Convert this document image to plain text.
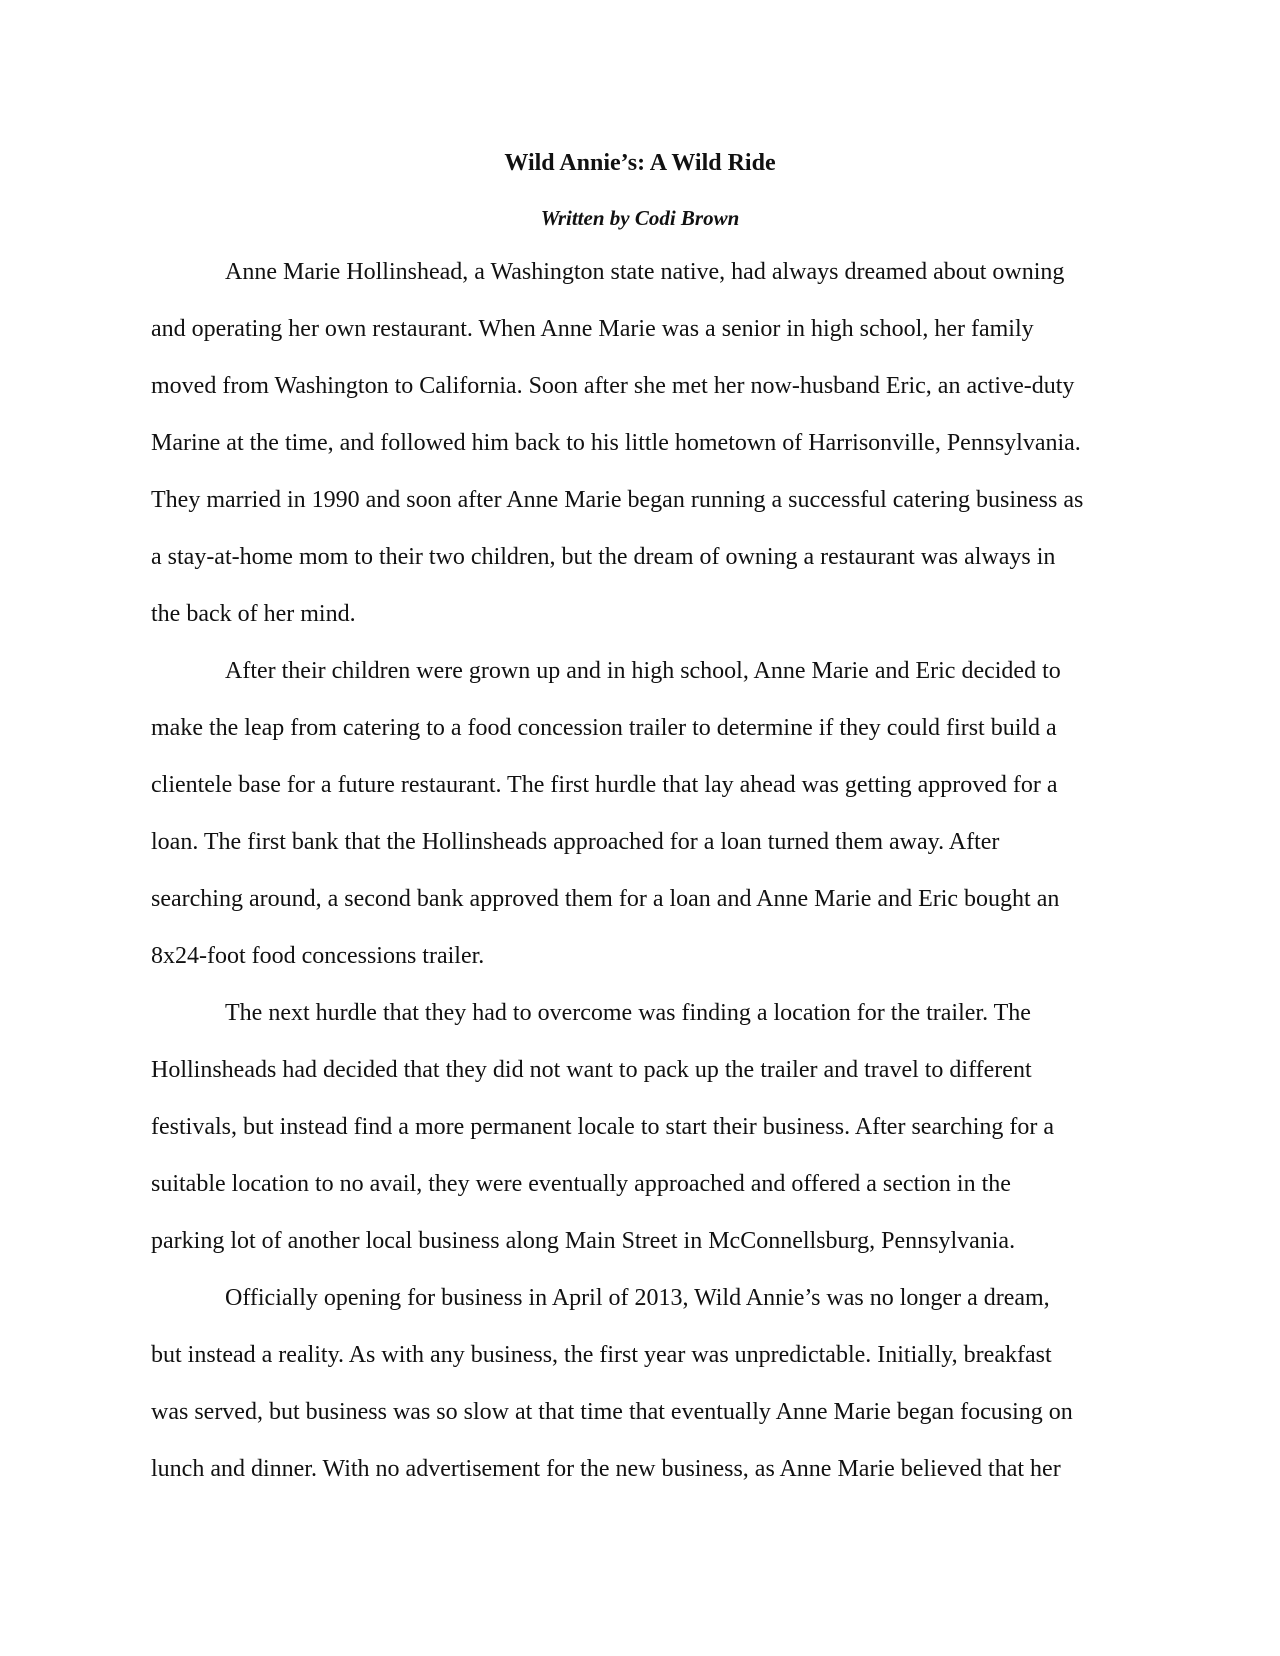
Wild Annie’s: A Wild Ride

Written by Codi Brown

Anne Marie Hollinshead, a Washington state native, had always dreamed about owning

and operating her own restaurant. When Anne Marie was a senior in high school, her family

moved from Washington to California. Soon after she met her now-husband Eric, an active-duty

Marine at the time, and followed him back to his little hometown of Harrisonville, Pennsylvania.

They married in 1990 and soon after Anne Marie began running a successful catering business as

a stay-at-home mom to their two children, but the dream of owning a restaurant was always in

the back of her mind.

After their children were grown up and in high school, Anne Marie and Eric decided to

make the leap from catering to a food concession trailer to determine if they could first build a

clientele base for a future restaurant. The first hurdle that lay ahead was getting approved for a

loan. The first bank that the Hollinsheads approached for a loan turned them away. After

searching around, a second bank approved them for a loan and Anne Marie and Eric bought an

8x24-foot food concessions trailer.

The next hurdle that they had to overcome was finding a location for the trailer. The

Hollinsheads had decided that they did not want to pack up the trailer and travel to different

festivals, but instead find a more permanent locale to start their business. After searching for a

suitable location to no avail, they were eventually approached and offered a section in the

parking lot of another local business along Main Street in McConnellsburg, Pennsylvania.

Officially opening for business in April of 2013, Wild Annie’s was no longer a dream,

but instead a reality. As with any business, the first year was unpredictable. Initially, breakfast

was served, but business was so slow at that time that eventually Anne Marie began focusing on

lunch and dinner. With no advertisement for the new business, as Anne Marie believed that her
